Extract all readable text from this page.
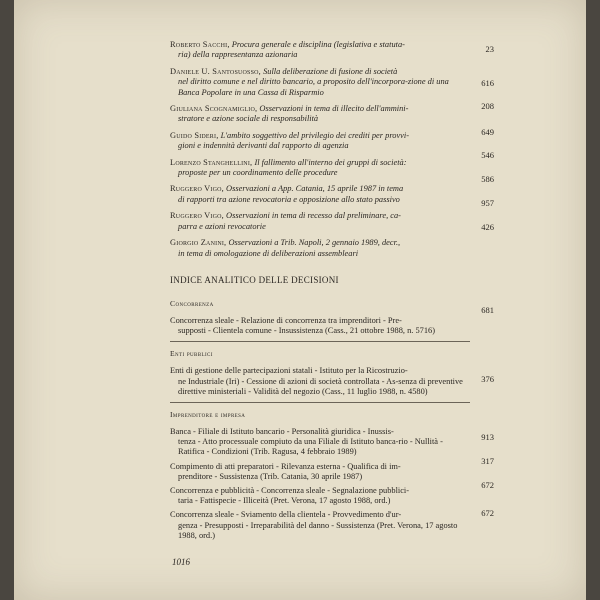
Roberto Sacchi, Procura generale e disciplina (legislativa e statuta-
ria) della rappresentanza azionaria
Daniele U. Santosuosso, Sulla deliberazione di fusione di società
nel diritto comune e nel diritto bancario, a proposito dell'incorpora-zione di una Banca Popolare in una Cassa di Risparmio
Giuliana Scognamiglio, Osservazioni in tema di illecito dell'ammini-
stratore e azione sociale di responsabilità
Guido Sideri, L'ambito soggettivo del privilegio dei crediti per provvi-
gioni e indennità derivanti dal rapporto di agenzia
Lorenzo Stanghellini, Il fallimento all'interno dei gruppi di società:
proposte per un coordinamento delle procedure
Ruggero Vigo, Osservazioni a App. Catania, 15 aprile 1987 in tema
di rapporti tra azione revocatoria e opposizione allo stato passivo
Ruggero Vigo, Osservazioni in tema di recesso dal preliminare, ca-
parra e azioni revocatorie
Giorgio Zanini, Osservazioni a Trib. Napoli, 2 gennaio 1989, decr.,
in tema di omologazione di deliberazioni assembleari
INDICE ANALITICO DELLE DECISIONI
Concorrenza
Concorrenza sleale - Relazione di concorrenza tra imprenditori - Pre-
supposti - Clientela comune - Insussistenza (Cass., 21 ottobre 1988, n. 5716)
Enti pubblici
Enti di gestione delle partecipazioni statali - Istituto per la Ricostruzio-
ne Industriale (Iri) - Cessione di azioni di società controllata - As-senza di preventive direttive ministeriali - Validità del negozio (Cass., 11 luglio 1988, n. 4580)
Imprenditore e impresa
Banca - Filiale di Istituto bancario - Personalità giuridica - Inussis-
tenza - Atto processuale compiuto da una Filiale di Istituto banca-rio - Nullità - Ratifica - Condizioni (Trib. Ragusa, 4 febbraio 1989)
Compimento di atti preparatori - Rilevanza esterna - Qualifica di im-
prenditore - Sussistenza (Trib. Catania, 30 aprile 1987)
Concorrenza e pubblicità - Concorrenza sleale - Segnalazione pubblici-
taria - Fattispecie - Illiceità (Pret. Verona, 17 agosto 1988, ord.)
Concorrenza sleale - Sviamento della clientela - Provvedimento d'ur-
genza - Presupposti - Irreparabilità del danno - Sussistenza (Pret. Verona, 17 agosto 1988, ord.)
23
616
208
649
546
586
957
426
681
376
913
317
672
672
1016
